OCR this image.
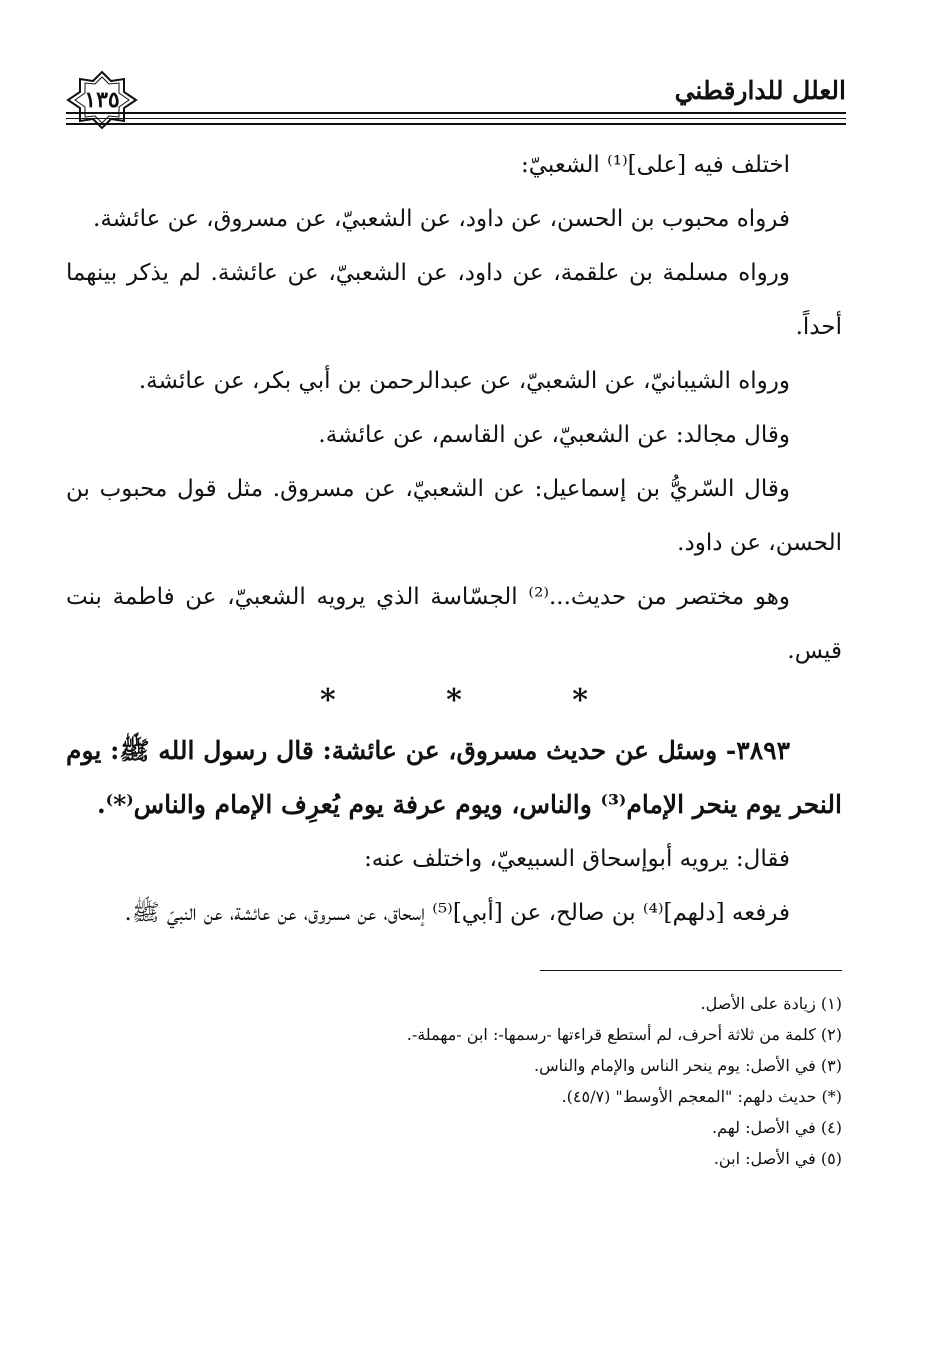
١٣٥	العلل للدارقطني

اختلف فيه [على]⁽¹⁾ الشعبيّ:

فرواه محبوب بن الحسن، عن داود، عن الشعبيّ، عن مسروق، عن عائشة.

ورواه مسلمة بن علقمة، عن داود، عن الشعبيّ، عن عائشة. لم يذكر بينهما أحداً.

ورواه الشيبانيّ، عن الشعبيّ، عن عبدالرحمن بن أبي بكر، عن عائشة.

وقال مجالد: عن الشعبيّ، عن القاسم، عن عائشة.

وقال السّريُّ بن إسماعيل: عن الشعبيّ، عن مسروق. مثل قول محبوب بن الحسن، عن داود.

وهو مختصر من حديث...⁽²⁾ الجسّاسة الذي يرويه الشعبيّ، عن فاطمة بنت قيس.

* * *

٣٨٩٣- وسئل عن حديث مسروق، عن عائشة: قال رسول الله ﷺ: يوم النحر يوم ينحر الإمام⁽³⁾ والناس، ويوم عرفة يوم يُعرِف الإمام والناس⁽*⁾.

فقال: يرويه أبوإسحاق السبيعيّ، واختلف عنه:

فرفعه [دلهم]⁽⁴⁾ بن صالح، عن [أبي]⁽⁵⁾ إسحاق، عن مسروق، عن عائشة، عن النبيّ ﷺ.

(١) زيادة على الأصل.

(٢) كلمة من ثلاثة أحرف، لم أستطع قراءتها -رسمها-: ابن -مهملة-.

(٣) في الأصل: يوم ينحر الناس والإمام والناس.

(*) حديث دلهم: "المعجم الأوسط" (٤٥/٧).

(٤) في الأصل: لهم.

(٥) في الأصل: ابن.
